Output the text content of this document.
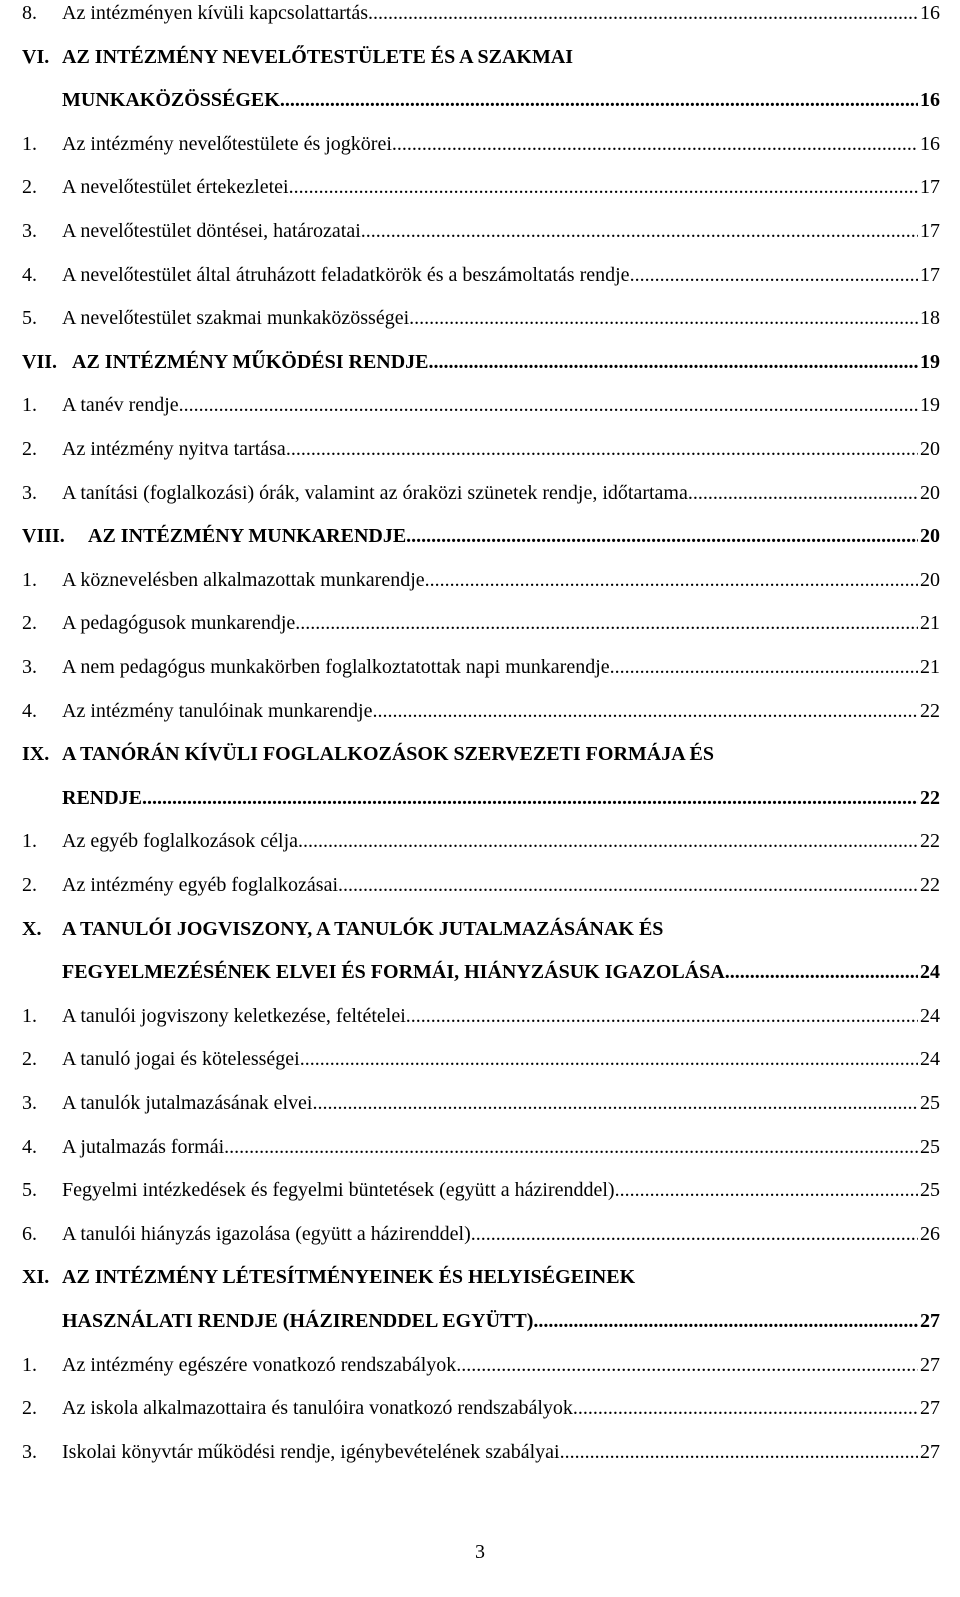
8.	Az intézményen kívüli kapcsolattartás .....	16
VI. AZ INTÉZMÉNY NEVELŐTESTÜLETE ÉS A SZAKMAI
MUNKAKÖZÖSSÉGEK .....	16
1.	Az intézmény nevelőtestülete és jogkörei .....	16
2.	A nevelőtestület értekezletei .....	17
3.	A nevelőtestület döntései, határozatai .....	17
4.	A nevelőtestület által átruházott feladatkörök és a beszámoltatás rendje .....	17
5.	A nevelőtestület szakmai munkaközösségei .....	18
VII. AZ INTÉZMÉNY MŰKÖDÉSI RENDJE .....	19
1.	A tanév rendje .....	19
2.	Az intézmény nyitva tartása .....	20
3.	A tanítási (foglalkozási) órák, valamint az óraközi szünetek rendje, időtartama .....	20
VIII.	AZ INTÉZMÉNY MUNKARENDJE .....	20
1.	A köznevelésben alkalmazottak munkarendje .....	20
2.	A pedagógusok munkarendje .....	21
3.	A nem pedagógus munkakörben foglalkoztatottak napi munkarendje .....	21
4.	Az intézmény tanulóinak munkarendje .....	22
IX. A TANÓRÁN KÍVÜLI FOGLALKOZÁSOK SZERVEZETI FORMÁJA ÉS
RENDJE .....	22
1.	Az egyéb foglalkozások célja .....	22
2.	Az intézmény egyéb foglalkozásai .....	22
X.	A TANULÓI JOGVISZONY, A TANULÓK JUTALMAZÁSÁNAK ÉS
FEGYELMEZÉSÉNEK ELVEI ÉS FORMÁI, HIÁNYZÁSUK IGAZOLÁSA. .....	24
1.	A tanulói jogviszony keletkezése, feltételei .....	24
2.	A tanuló jogai és kötelességei .....	24
3.	A tanulók jutalmazásának elvei .....	25
4.	A jutalmazás formái .....	25
5.	Fegyelmi intézkedések és fegyelmi büntetések (együtt a házirenddel) .....	25
6.	A tanulói hiányzás igazolása (együtt a házirenddel) .....	26
XI. AZ INTÉZMÉNY LÉTESÍTMÉNYEINEK ÉS HELYISÉGEINEK
HASZNÁLATI RENDJE (HÁZIRENDDEL EGYÜTT) .....	27
1.	Az intézmény egészére vonatkozó rendszabályok .....	27
2.	Az iskola alkalmazottaira és tanulóira vonatkozó rendszabályok .....	27
3.	Iskolai könyvtár működési rendje, igénybevételének szabályai .....	27
3
